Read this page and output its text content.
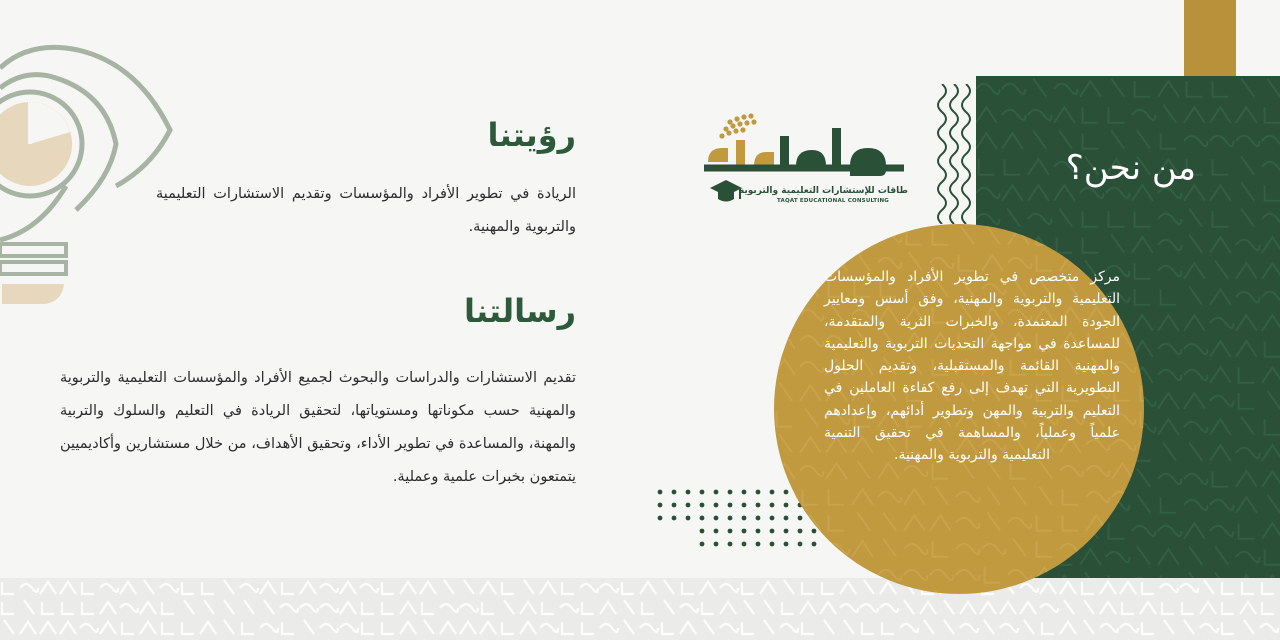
من نحن؟

مركز متخصص في تطوير الأفراد والمؤسسات التعليمية والتربوية والمهنية، وفق أسس ومعايير الجودة المعتمدة، والخبرات الثرية والمتقدمة، للمساعدة في مواجهة التحديات التربوية والتعليمية والمهنية القائمة والمستقبلية، وتقديم الحلول التطويرية التي تهدف إلى رفع كفاءة العاملين في التعليم والتربية والمهن وتطوير أدائهم، وإعدادهم علمياً وعملياً، والمساهمة في تحقيق التنمية التعليمية والتربوية والمهنية.

طاقات للإستشارات التعليمية والتربوية
TAQAT EDUCATIONAL CONSULTING
رؤيتنا

الريادة في تطوير الأفراد والمؤسسات وتقديم الاستشارات التعليمية والتربوية والمهنية.

رسالتنا

تقديم الاستشارات والدراسات والبحوث لجميع الأفراد والمؤسسات التعليمية والتربوية والمهنية حسب مكوناتها ومستوياتها، لتحقيق الريادة في التعليم والسلوك والتربية والمهنة، والمساعدة في تطوير الأداء، وتحقيق الأهداف، من خلال مستشارين وأكاديميين يتمتعون بخبرات علمية وعملية.
